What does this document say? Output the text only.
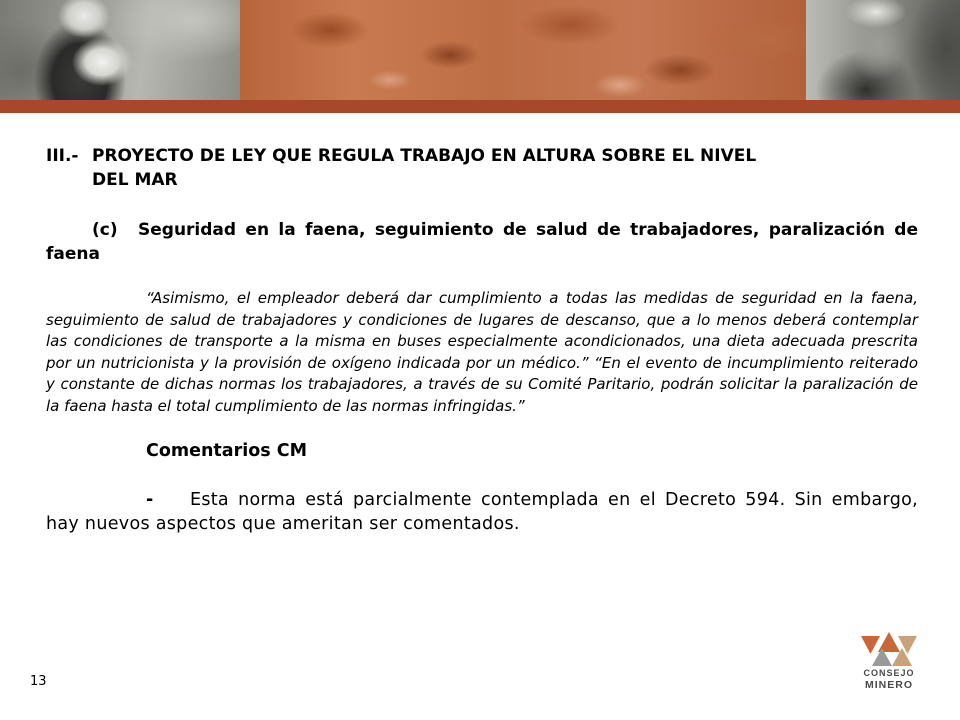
III.- PROYECTO DE LEY QUE REGULA TRABAJO EN ALTURA SOBRE EL NIVEL
DEL MAR
(c) Seguridad en la faena, seguimiento de salud de trabajadores, paralización de faena
“Asimismo, el empleador deberá dar cumplimiento a todas las medidas de seguridad en la faena, seguimiento de salud de trabajadores y condiciones de lugares de descanso, que a lo menos deberá contemplar las condiciones de transporte a la misma en buses especialmente acondicionados, una dieta adecuada prescrita por un nutricionista y la provisión de oxígeno indicada por un médico.” “En el evento de incumplimiento reiterado y constante de dichas normas los trabajadores, a través de su Comité Paritario, podrán solicitar la paralización de la faena hasta el total cumplimiento de las normas infringidas.”
Comentarios CM
- Esta norma está parcialmente contemplada en el Decreto 594. Sin embargo, hay nuevos aspectos que ameritan ser comentados.
13
CONSEJO
MINERO
